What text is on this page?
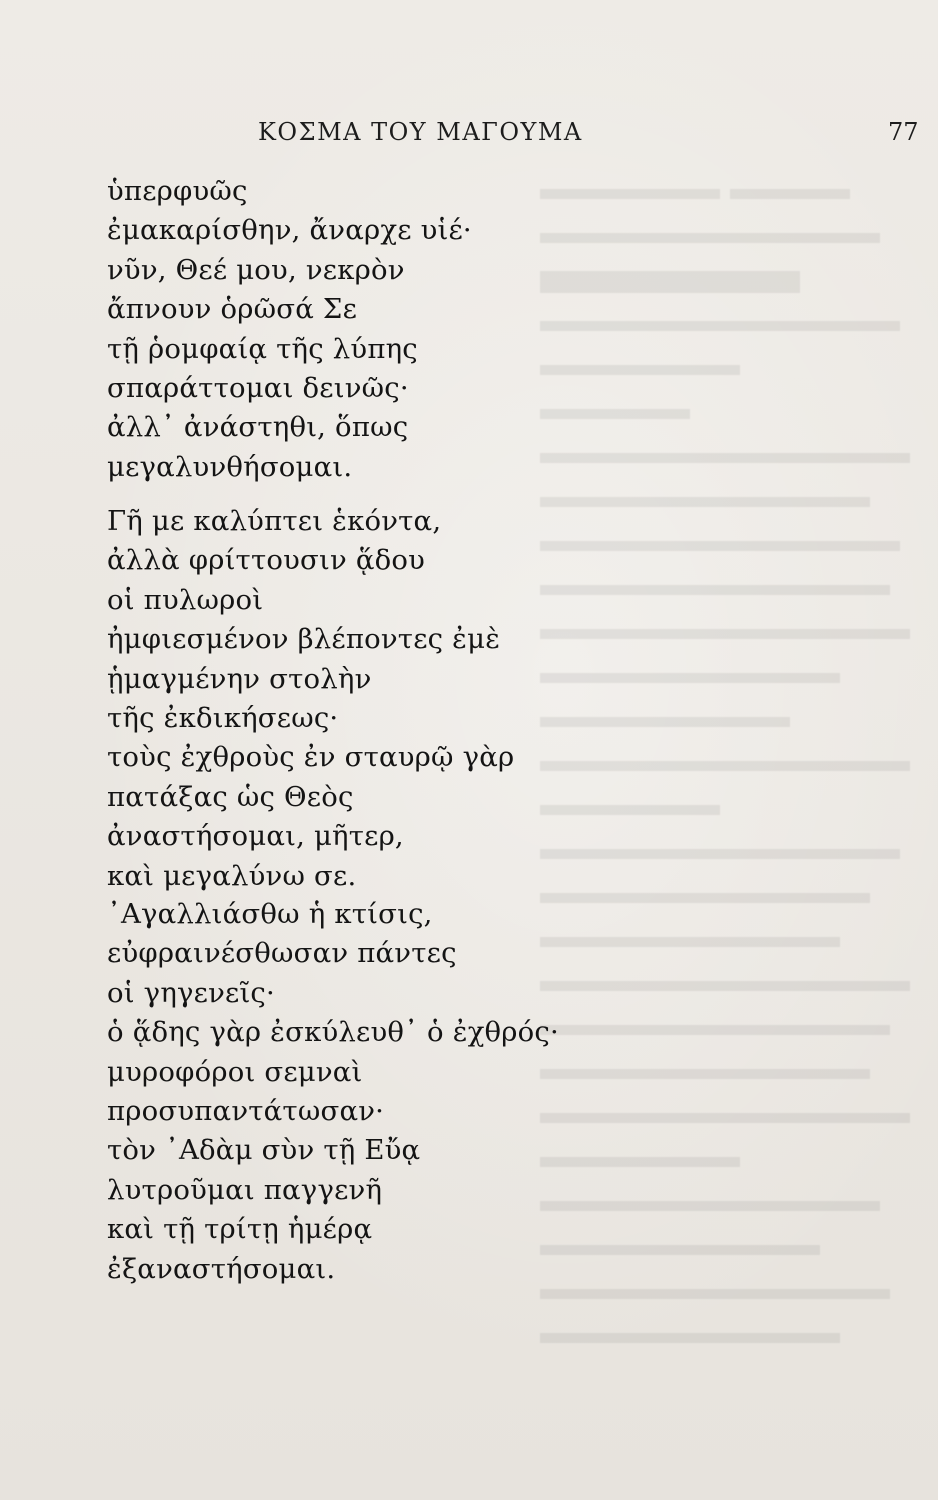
ΚΟΣΜΑ ΤΟΥ ΜΑΓΟΥΜΑ	77
ὑπερφυῶς
ἐμακαρίσθην, ἄναρχε υἱέ·
νῦν, Θεέ μου, νεκρὸν
ἄπνουν ὁρῶσά Σε
τῇ ῥομφαίᾳ τῆς λύπης
σπαράττομαι δεινῶς·
ἀλλ᾽ ἀνάστηθι, ὅπως
μεγαλυνθήσομαι.
Γῆ με καλύπτει ἑκόντα,
ἀλλὰ φρίττουσιν ᾅδου
οἱ πυλωροὶ
ἠμφιεσμένον βλέποντες ἐμὲ
ᾑμαγμένην στολὴν
τῆς ἐκδικήσεως·
τοὺς ἐχθροὺς ἐν σταυρῷ γὰρ
πατάξας ὡς Θεὸς
ἀναστήσομαι, μῆτερ,
καὶ μεγαλύνω σε.
᾿Αγαλλιάσθω ἡ κτίσις,
εὐφραινέσθωσαν πάντες
οἱ γηγενεῖς·
ὁ ᾅδης γὰρ ἐσκύλευθ᾽ ὁ ἐχθρός·
μυροφόροι σεμναὶ
προσυπαντάτωσαν·
τὸν ᾿Αδὰμ σὺν τῇ Εὔᾳ
λυτροῦμαι παγγενῆ
καὶ τῇ τρίτῃ ἡμέρᾳ
ἐξαναστήσομαι.
